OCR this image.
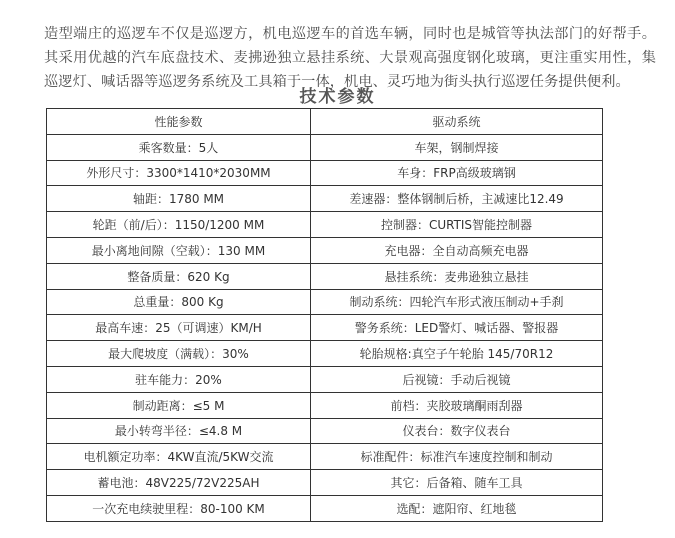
造型端庄的巡逻车不仅是巡逻方，机电巡逻车的首选车辆，同时也是城管等执法部门的好帮手。其采用优越的汽车底盘技术、麦拂逊独立悬挂系统、大景观高强度钢化玻璃，更注重实用性，集巡逻灯、喊话器等巡逻务系统及工具箱于一体，机电、灵巧地为街头执行巡逻任务提供便利。

技术参数
性能参数	驱动系统
乘客数量：5人	车架，钢制焊接
外形尺寸：3300*1410*2030MM	车身：FRP高级玻璃钢
轴距：1780 MM	差速器：整体钢制后桥，主减速比12.49
轮距（前/后）：1150/1200 MM	控制器：CURTIS智能控制器
最小离地间隙（空载）：130 MM	充电器：全自动高频充电器
整备质量：620 Kg	悬挂系统：麦弗逊独立悬挂
总重量：800 Kg	制动系统：四轮汽车形式液压制动+手刹
最高车速：25（可调速）KM/H	警务系统：LED警灯、喊话器、警报器
最大爬坡度（满载）：30%	轮胎规格:真空子午轮胎 145/70R12
驻车能力：20%	后视镜：手动后视镜
制动距离：≤5 M	前档：夹胶玻璃酮雨刮器
最小转弯半径：≤4.8 M	仪表台：数字仪表台
电机额定功率：4KW直流/5KW交流	标准配件：标准汽车速度控制和制动
蓄电池：48V225/72V225AH	其它：后备箱、随车工具
一次充电续驶里程：80-100 KM	选配：遮阳帘、红地毯
